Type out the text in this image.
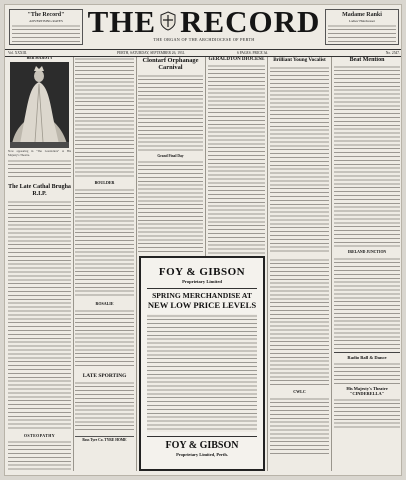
"The Record"
ADVERTISING RATES THE RECORD
THE ORGAN OF THE ARCHDIOCESE OF PERTH
Madame Ranki
Ladies' Hairdresser
Vol. XXXIII.	PERTH, SATURDAY, SEPTEMBER 26, 1931.	6 PAGES. PRICE 3d.	No. 2547.
HER MAJESTY
Now appearing in "The Gondoliers" at His Majesty's Theatre.
The Late Cathal Brugha R.I.P.
OSTEOPATHY
BOULDER
ROSALIE
LATE SPORTING
Boss Tyre Co. TYRE HOME
Clontarf Orphanage Carnival
Grand Final Day
GERALDTON DIOCESE	Brilliant Young Vocalist
CWLC
Beat Mention
IRELAND JUNCTION
Radio Ball & Dance
His Majesty's Theatre
"CINDERELLA"
FOY & GIBSON
Proprietary Limited
SPRING MERCHANDISE AT
NEW LOW PRICE LEVELS
FOY & GIBSON
Proprietary Limited, Perth.
